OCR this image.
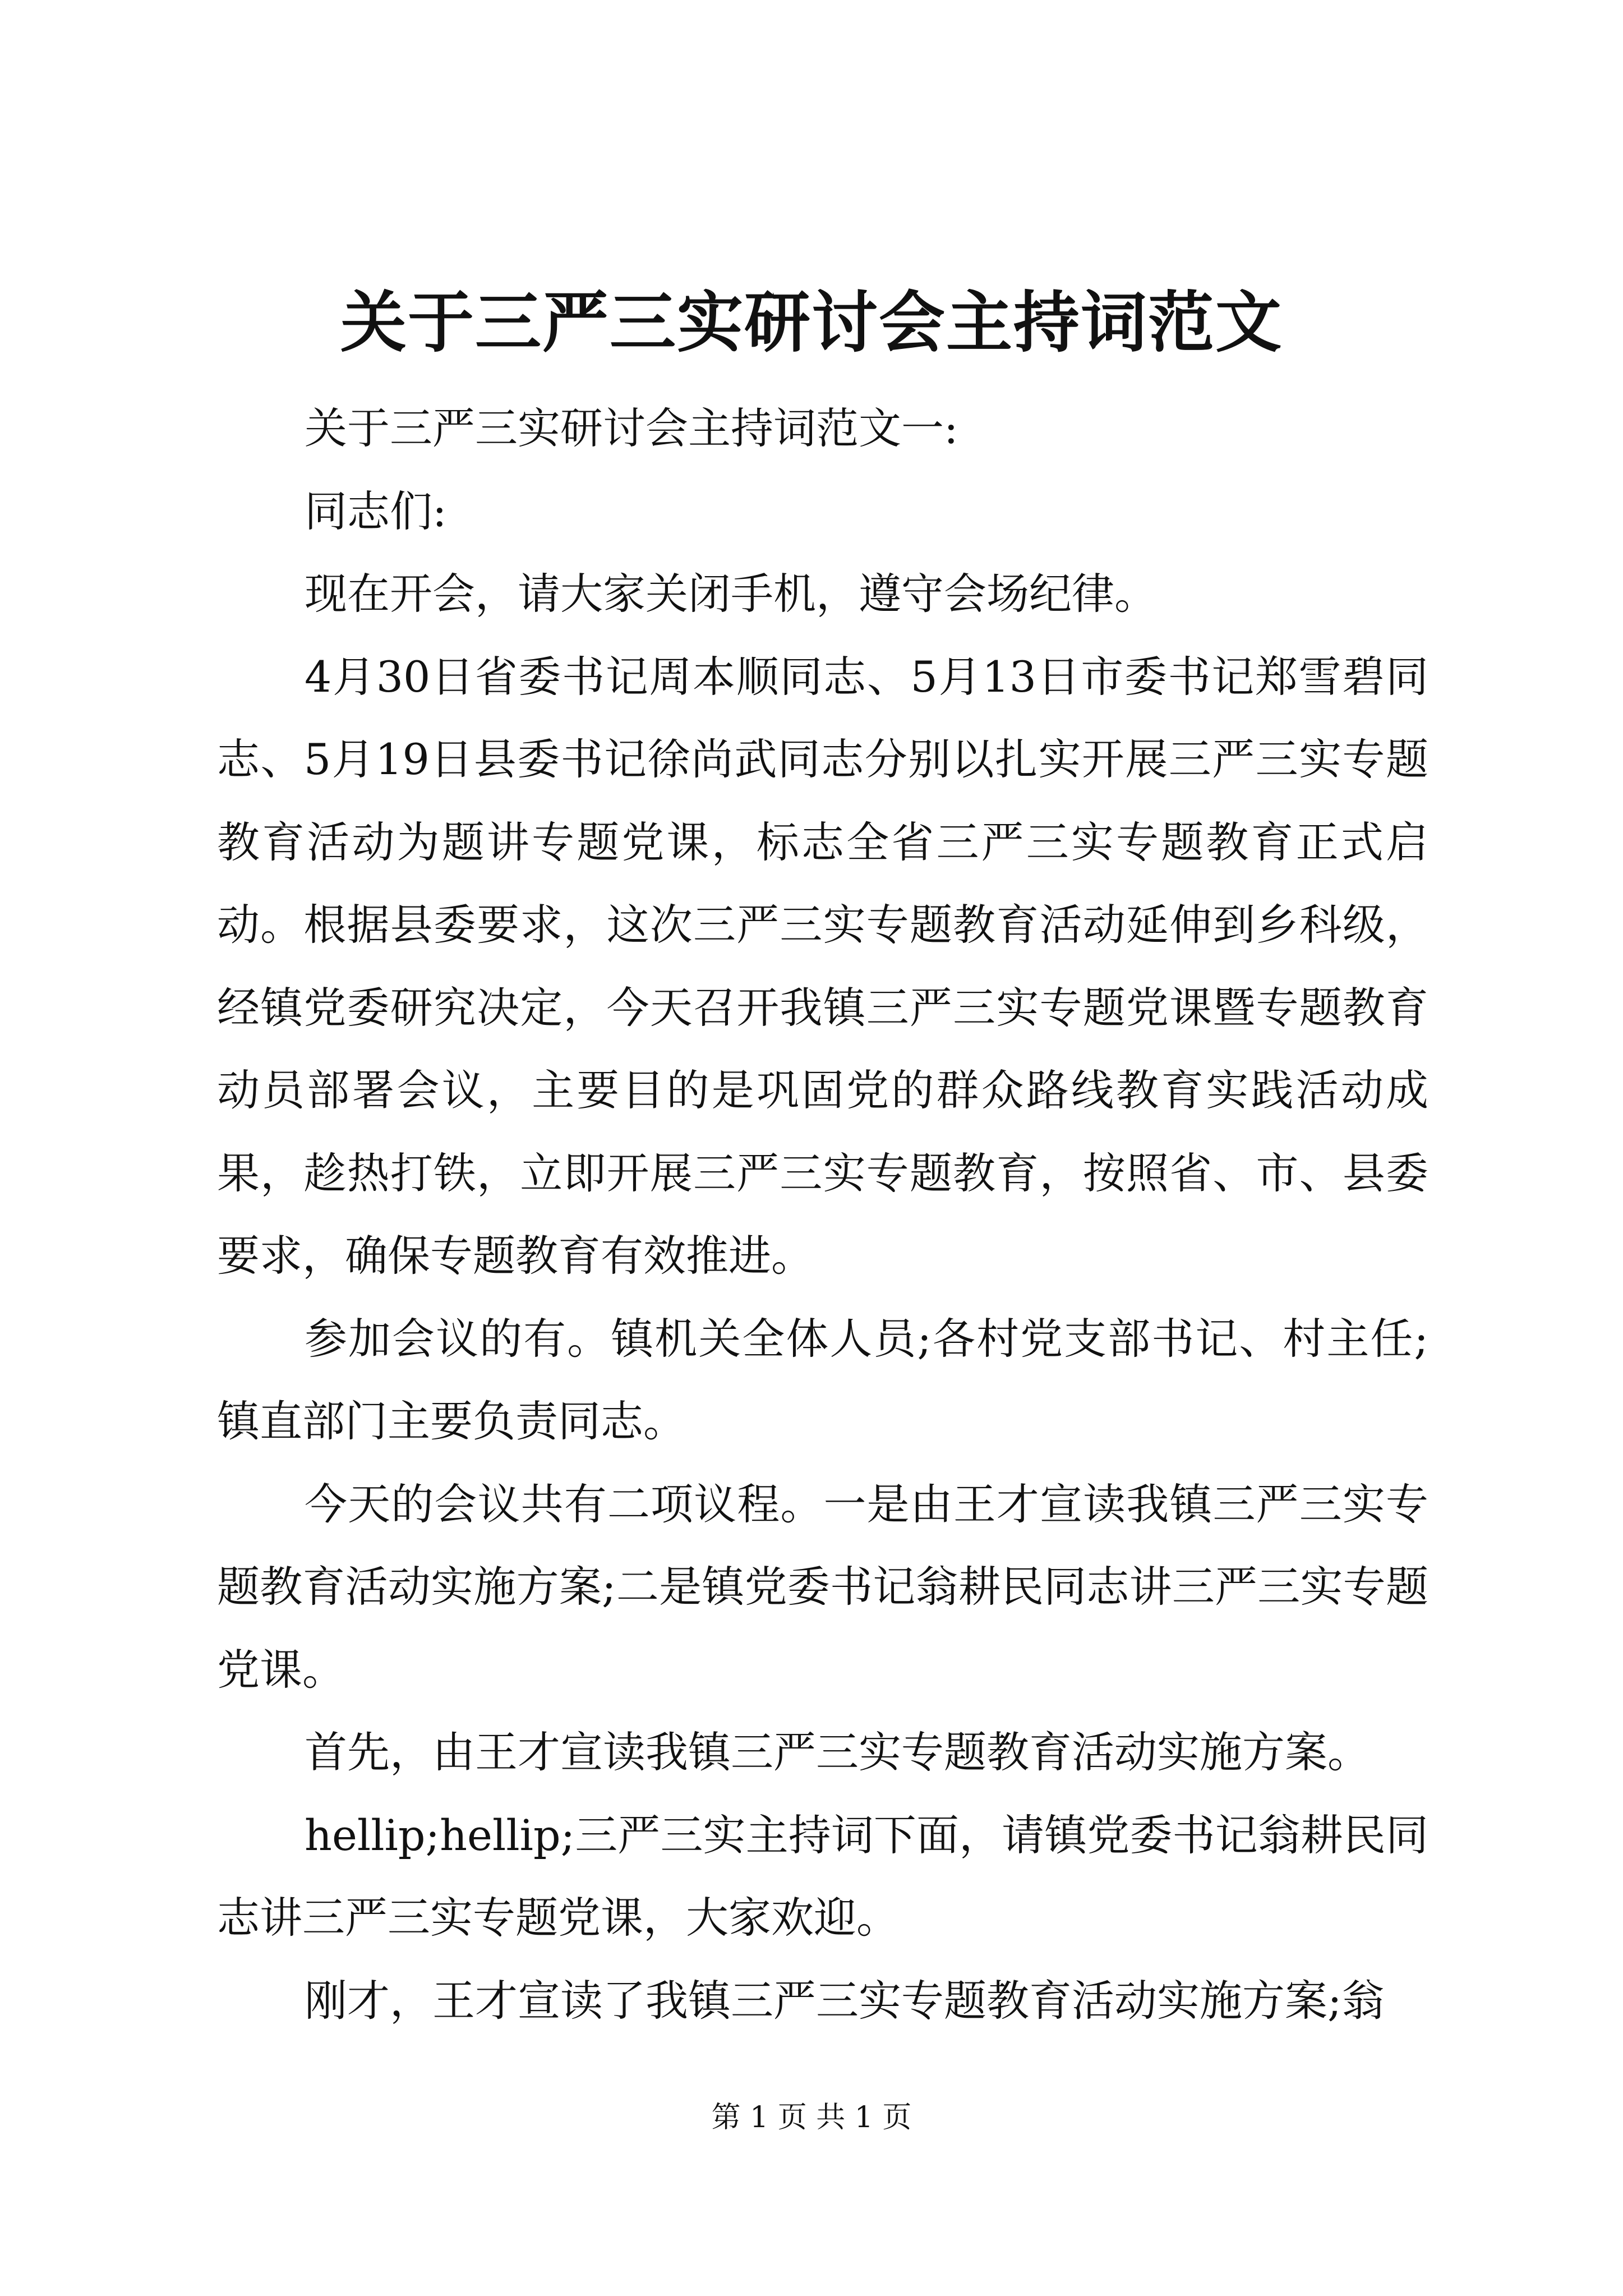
关于三严三实研讨会主持词范文

关于三严三实研讨会主持词范文一:

同志们:

现在开会，请大家关闭手机，遵守会场纪律。

4月30日省委书记周本顺同志、5月13日市委书记郑雪碧同志、5月19日县委书记徐尚武同志分别以扎实开展三严三实专题教育活动为题讲专题党课，标志全省三严三实专题教育正式启动。根据县委要求，这次三严三实专题教育活动延伸到乡科级，经镇党委研究决定，今天召开我镇三严三实专题党课暨专题教育动员部署会议，主要目的是巩固党的群众路线教育实践活动成果，趁热打铁，立即开展三严三实专题教育，按照省、市、县委要求，确保专题教育有效推进。

参加会议的有。镇机关全体人员;各村党支部书记、村主任;镇直部门主要负责同志。

今天的会议共有二项议程。一是由王才宣读我镇三严三实专题教育活动实施方案;二是镇党委书记翁耕民同志讲三严三实专题党课。

首先，由王才宣读我镇三严三实专题教育活动实施方案。

hellip;hellip;三严三实主持词下面，请镇党委书记翁耕民同志讲三严三实专题党课，大家欢迎。

刚才，王才宣读了我镇三严三实专题教育活动实施方案;翁

第 1 页 共 1 页
